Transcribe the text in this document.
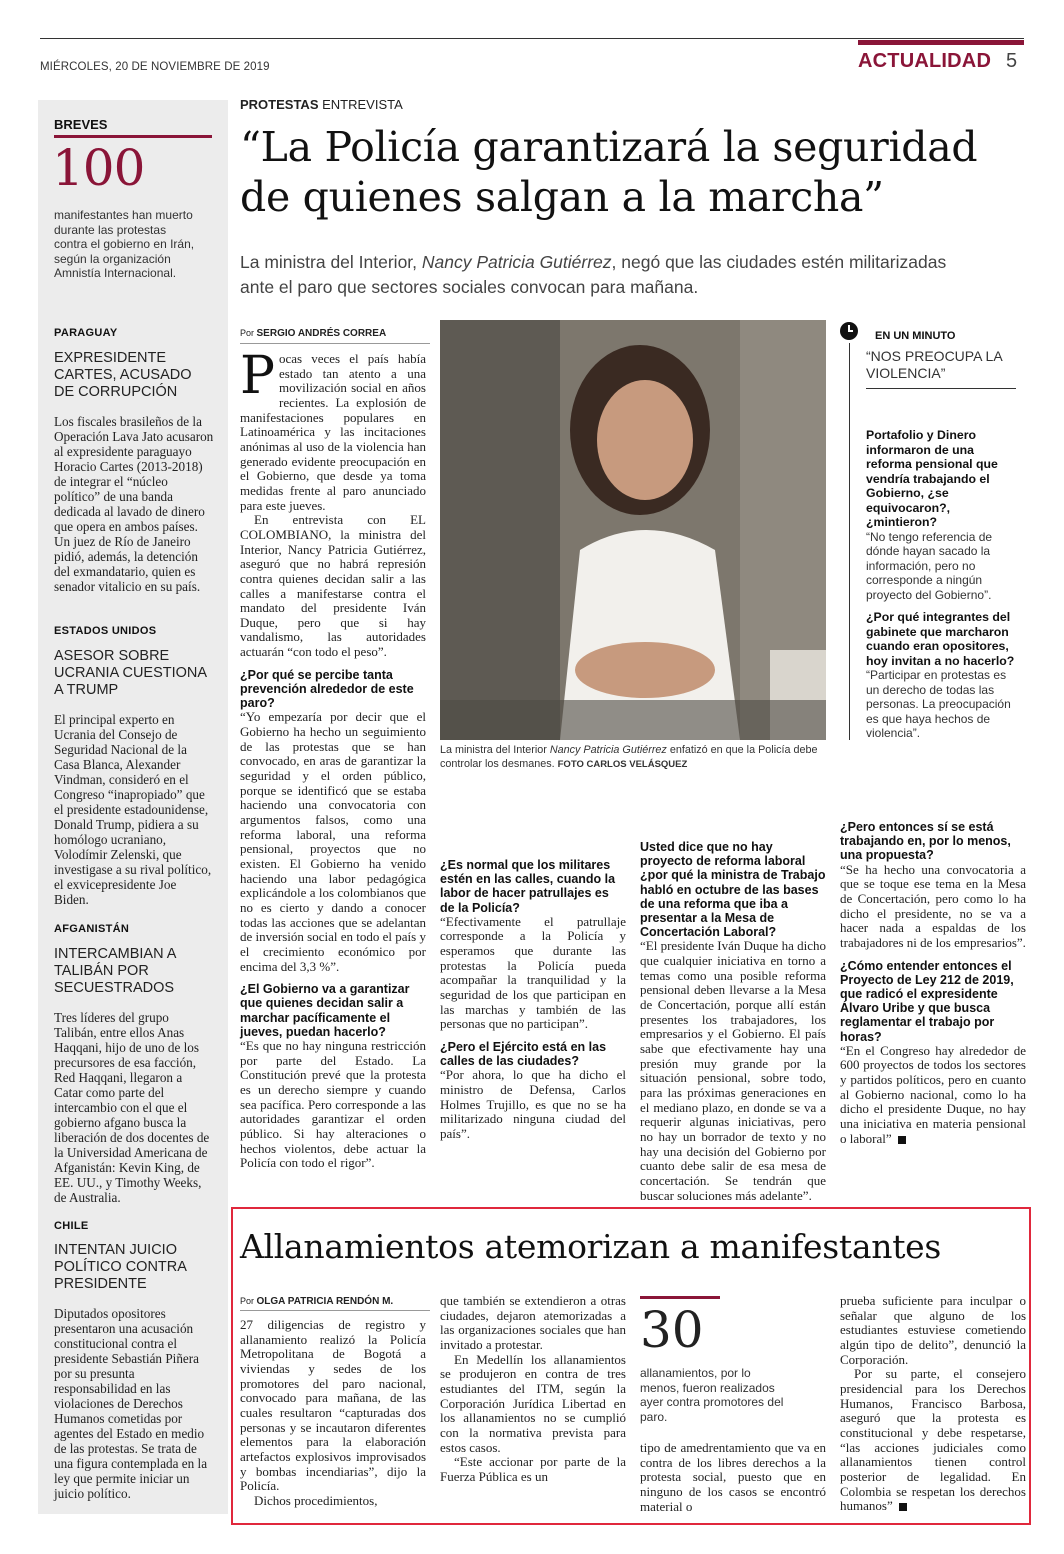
MIÉRCOLES, 20 DE NOVIEMBRE DE 2019	ACTUALIDAD 5
BREVES
100
manifestantes han muerto durante las protestas contra el gobierno en Irán, según la organización Amnistía Internacional.
PARAGUAY
EXPRESIDENTE CARTES, ACUSADO DE CORRUPCIÓN
Los fiscales brasileños de la Operación Lava Jato acusaron al expresidente paraguayo Horacio Cartes (2013-2018) de integrar el “núcleo político” de una banda dedicada al lavado de dinero que opera en ambos países. Un juez de Río de Janeiro pidió, además, la detención del exmandatario, quien es senador vitalicio en su país.
ESTADOS UNIDOS
ASESOR SOBRE UCRANIA CUESTIONA A TRUMP
El principal experto en Ucrania del Consejo de Seguridad Nacional de la Casa Blanca, Alexander Vindman, consideró en el Congreso “inapropiado” que el presidente estadounidense, Donald Trump, pidiera a su homólogo ucraniano, Volodímir Zelenski, que investigase a su rival político, el exvicepresidente Joe Biden.
AFGANISTÁN
INTERCAMBIAN A TALIBÁN POR SECUESTRADOS
Tres líderes del grupo Talibán, entre ellos Anas Haqqani, hijo de uno de los precursores de esa facción, Red Haqqani, llegaron a Catar como parte del intercambio con el que el gobierno afgano busca la liberación de dos docentes de la Universidad Americana de Afganistán: Kevin King, de EE. UU., y Timothy Weeks, de Australia.
CHILE
INTENTAN JUICIO POLÍTICO CONTRA PRESIDENTE
Diputados opositores presentaron una acusación constitucional contra el presidente Sebastián Piñera por su presunta responsabilidad en las violaciones de Derechos Humanos cometidas por agentes del Estado en medio de las protestas. Se trata de una figura contemplada en la ley que permite iniciar un juicio político.
PROTESTAS ENTREVISTA
“La Policía garantizará la seguridad de quienes salgan a la marcha”
La ministra del Interior, Nancy Patricia Gutiérrez, negó que las ciudades estén militarizadas ante el paro que sectores sociales convocan para mañana.
Por SERGIO ANDRÉS CORREA

Pocas veces el país había estado tan atento a una movilización social en años recientes. La explosión de manifestaciones populares en Latinoamérica y las incitaciones anónimas al uso de la violencia han generado evidente preocupación en el Gobierno, que desde ya toma medidas frente al paro anunciado para este jueves.

En entrevista con EL COLOMBIANO, la ministra del Interior, Nancy Patricia Gutiérrez, aseguró que no habrá represión contra quienes decidan salir a las calles a manifestarse contra el mandato del presidente Iván Duque, pero que si hay vandalismo, las autoridades actuarán “con todo el peso”.

¿Por qué se percibe tanta prevención alrededor de este paro?

“Yo empezaría por decir que el Gobierno ha hecho un seguimiento de las protestas que se han convocado, en aras de garantizar la seguridad y el orden público, porque se identificó que se estaba haciendo una convocatoria con argumentos falsos, como una reforma laboral, una reforma pensional, proyectos que no existen. El Gobierno ha venido haciendo una labor pedagógica explicándole a los colombianos que no es cierto y dando a conocer todas las acciones que se adelantan de inversión social en todo el país y el crecimiento económico por encima del 3,3 %”.

¿El Gobierno va a garantizar que quienes decidan salir a marchar pacíficamente el jueves, puedan hacerlo?

“Es que no hay ninguna restricción por parte del Estado. La Constitución prevé que la protesta es un derecho siempre y cuando sea pacífica. Pero corresponde a las autoridades garantizar el orden público. Si hay alteraciones o hechos violentos, debe actuar la Policía con todo el rigor”.

La ministra del Interior Nancy Patricia Gutiérrez enfatizó en que la Policía debe controlar los desmanes. FOTO CARLOS VELÁSQUEZ
¿Es normal que los militares estén en las calles, cuando la labor de hacer patrullajes es de la Policía?

“Efectivamente el patrullaje corresponde a la Policía y esperamos que durante las protestas la Policía pueda acompañar la tranquilidad y la seguridad de los que participan en las marchas y también de las personas que no participan”.

¿Pero el Ejército está en las calles de las ciudades?

“Por ahora, lo que ha dicho el ministro de Defensa, Carlos Holmes Trujillo, es que no se ha militarizado ninguna ciudad del país”.

Usted dice que no hay proyecto de reforma laboral ¿por qué la ministra de Trabajo habló en octubre de las bases de una reforma que iba a presentar a la Mesa de Concertación Laboral?

“El presidente Iván Duque ha dicho que cualquier iniciativa en torno a temas como una posible reforma pensional deben llevarse a la Mesa de Concertación, porque allí están presentes los trabajadores, los empresarios y el Gobierno. El país sabe que efectivamente hay una presión muy grande por la situación pensional, sobre todo, para las próximas generaciones en el mediano plazo, en donde se va a requerir algunas iniciativas, pero no hay un borrador de texto y no hay una decisión del Gobierno por cuanto debe salir de esa mesa de concertación. Se tendrán que buscar soluciones más adelante”.

¿Pero entonces sí se está trabajando en, por lo menos, una propuesta?

“Se ha hecho una convocatoria a que se toque ese tema en la Mesa de Concertación, pero como lo ha dicho el presidente, no se va a hacer nada a espaldas de los trabajadores ni de los empresarios”.

¿Cómo entender entonces el Proyecto de Ley 212 de 2019, que radicó el expresidente Álvaro Uribe y que busca reglamentar el trabajo por horas?

“En el Congreso hay alrededor de 600 proyectos de todos los sectores y partidos políticos, pero en cuanto al Gobierno nacional, como lo ha dicho el presidente Duque, no hay una iniciativa en materia pensional o laboral”

EN UN MINUTO
“NOS PREOCUPA LA VIOLENCIA”
Portafolio y Dinero informaron de una reforma pensional que vendría trabajando el Gobierno, ¿se equivocaron?, ¿mintieron?
“No tengo referencia de dónde hayan sacado la información, pero no corresponde a ningún proyecto del Gobierno”.
¿Por qué integrantes del gabinete que marcharon cuando eran opositores, hoy invitan a no hacerlo?
“Participar en protestas es un derecho de todas las personas. La preocupación es que haya hechos de violencia”.
Allanamientos atemorizan a manifestantes
Por OLGA PATRICIA RENDÓN M.

27 diligencias de registro y allanamiento realizó la Policía Metropolitana de Bogotá a viviendas y sedes de los promotores del paro nacional, convocado para mañana, de las cuales resultaron “capturadas dos personas y se incautaron diferentes elementos para la elaboración artefactos explosivos improvisados y bombas incendiarias”, dijo la Policía.

Dichos procedimientos,

que también se extendieron a otras ciudades, dejaron atemorizadas a las organizaciones sociales que han invitado a protestar.

En Medellín los allanamientos se produjeron en contra de tres estudiantes del ITM, según la Corporación Jurídica Libertad en los allanamientos no se cumplió con la normativa prevista para estos casos.

“Este accionar por parte de la Fuerza Pública es un

30
allanamientos, por lo menos, fueron realizados ayer contra promotores del paro.

tipo de amedrentamiento que va en contra de los libres derechos a la protesta social, puesto que en ninguno de los casos se encontró material o

prueba suficiente para inculpar o señalar que alguno de los estudiantes estuviese cometiendo algún tipo de delito”, denunció la Corporación.

Por su parte, el consejero presidencial para los Derechos Humanos, Francisco Barbosa, aseguró que la protesta es constitucional y debe respetarse, “las acciones judiciales como allanamientos tienen control posterior de legalidad. En Colombia se respetan los derechos humanos”
